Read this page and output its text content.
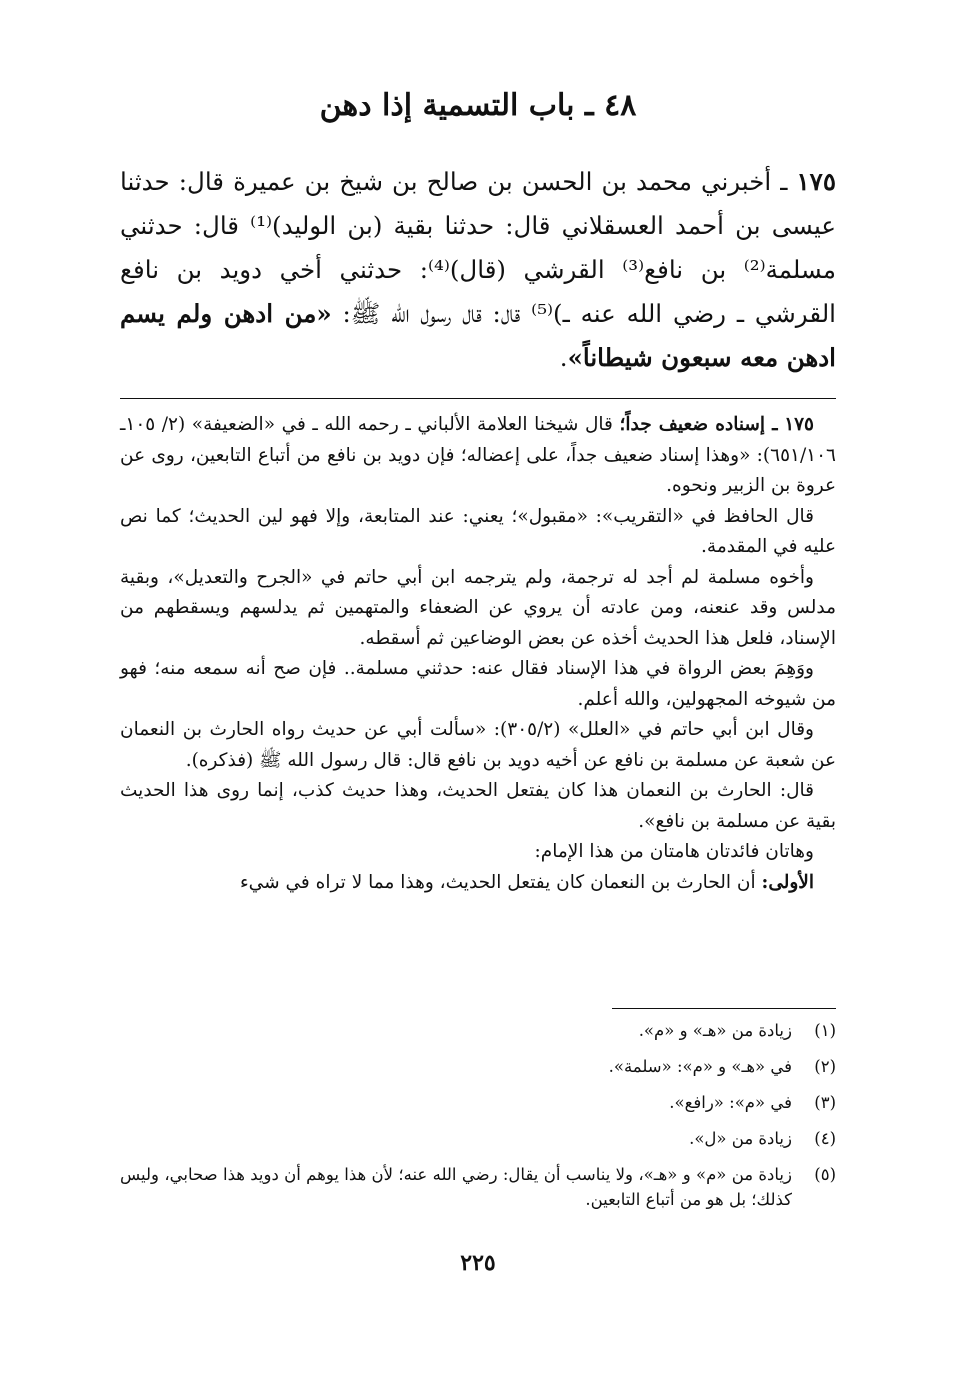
٤٨ ـ باب التسمية إذا دهن
١٧٥ ـ أخبرني محمد بن الحسن بن صالح بن شيخ بن عميرة قال: حدثنا عيسى بن أحمد العسقلاني قال: حدثنا بقية (بن الوليد)⁽¹⁾ قال: حدثني مسلمة⁽²⁾ بن نافع⁽³⁾ القرشي (قال)⁽⁴⁾: حدثني أخي دويد بن نافع القرشي ـ رضي الله عنه ـ)⁽⁵⁾ قال: قال رسول الله ﷺ: «من ادهن ولم يسم ادهن معه سبعون شيطاناً».

١٧٥ ـ إسناده ضعيف جداً؛ قال شيخنا العلامة الألباني ـ رحمه الله ـ في «الضعيفة» (٢/ ١٠٥ـ ٦٥١/١٠٦): «وهذا إسناد ضعيف جداً، على إعضاله؛ فإن دويد بن نافع من أتباع التابعين، روى عن عروة بن الزبير ونحوه.

قال الحافظ في «التقريب»: «مقبول»؛ يعني: عند المتابعة، وإلا فهو لين الحديث؛ كما نص عليه في المقدمة.

وأخوه مسلمة لم أجد له ترجمة، ولم يترجمه ابن أبي حاتم في «الجرح والتعديل»، وبقية مدلس وقد عنعنه، ومن عادته أن يروي عن الضعفاء والمتهمين ثم يدلسهم ويسقطهم من الإسناد، فلعل هذا الحديث أخذه عن بعض الوضاعين ثم أسقطه.

ووَهِمَ بعض الرواة في هذا الإسناد فقال عنه: حدثني مسلمة.. فإن صح أنه سمعه منه؛ فهو من شيوخه المجهولين، والله أعلم.

وقال ابن أبي حاتم في «العلل» (٣٠٥/٢): «سألت أبي عن حديث رواه الحارث بن النعمان عن شعبة عن مسلمة بن نافع عن أخيه دويد بن نافع قال: قال رسول الله ﷺ (فذكره).

قال: الحارث بن النعمان هذا كان يفتعل الحديث، وهذا حديث كذب، إنما روى هذا الحديث بقية عن مسلمة بن نافع».

وهاتان فائدتان هامتان من هذا الإمام:

الأولى: أن الحارث بن النعمان كان يفتعل الحديث، وهذا مما لا تراه في شيء

(١)
زيادة من «هـ» و «م».
(٢)
في «هـ» و «م»: «سلمة».
(٣)
في «م»: «رافع».
(٤)
زيادة من «ل».
(٥)
زيادة من «م» و «هـ»، ولا يناسب أن يقال: رضي الله عنه؛ لأن هذا يوهم أن دويد هذا صحابي، وليس كذلك؛ بل هو من أتباع التابعين.
٢٢٥
